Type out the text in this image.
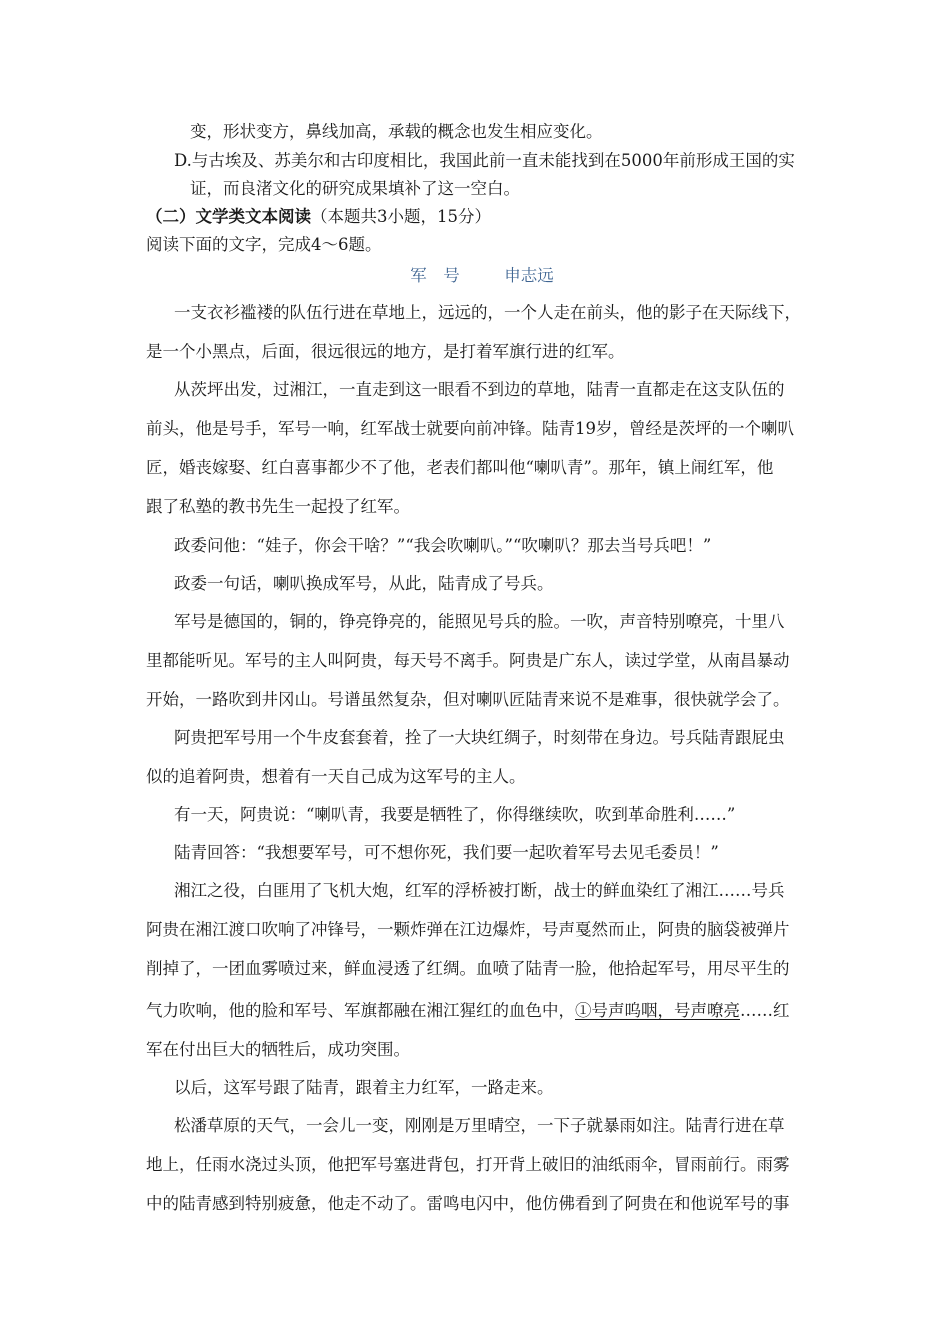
变，形状变方，鼻线加高，承载的概念也发生相应变化。
D.与古埃及、苏美尔和古印度相比，我国此前一直未能找到在5000年前形成王国的实
证，而良渚文化的研究成果填补了这一空白。
（二）文学类文本阅读（本题共3小题，15分）
阅读下面的文字，完成4～6题。
军　号	申志远
一支衣衫褴褛的队伍行进在草地上，远远的，一个人走在前头，他的影子在天际线下，
是一个小黑点，后面，很远很远的地方，是打着军旗行进的红军。
从茨坪出发，过湘江，一直走到这一眼看不到边的草地，陆青一直都走在这支队伍的
前头，他是号手，军号一响，红军战士就要向前冲锋。陆青19岁，曾经是茨坪的一个喇叭
匠，婚丧嫁娶、红白喜事都少不了他，老表们都叫他“喇叭青”。那年，镇上闹红军，他
跟了私塾的教书先生一起投了红军。
政委问他：“娃子，你会干啥？”“我会吹喇叭。”“吹喇叭？那去当号兵吧！”
政委一句话，喇叭换成军号，从此，陆青成了号兵。
军号是德国的，铜的，铮亮铮亮的，能照见号兵的脸。一吹，声音特别嘹亮，十里八
里都能听见。军号的主人叫阿贵，每天号不离手。阿贵是广东人，读过学堂，从南昌暴动
开始，一路吹到井冈山。号谱虽然复杂，但对喇叭匠陆青来说不是难事，很快就学会了。
阿贵把军号用一个牛皮套套着，拴了一大块红绸子，时刻带在身边。号兵陆青跟屁虫
似的追着阿贵，想着有一天自己成为这军号的主人。
有一天，阿贵说：“喇叭青，我要是牺牲了，你得继续吹，吹到革命胜利……”
陆青回答：“我想要军号，可不想你死，我们要一起吹着军号去见毛委员！”
湘江之役，白匪用了飞机大炮，红军的浮桥被打断，战士的鲜血染红了湘江……号兵
阿贵在湘江渡口吹响了冲锋号，一颗炸弹在江边爆炸，号声戛然而止，阿贵的脑袋被弹片
削掉了，一团血雾喷过来，鲜血浸透了红绸。血喷了陆青一脸，他拾起军号，用尽平生的
气力吹响，他的脸和军号、军旗都融在湘江猩红的血色中，①号声呜咽，号声嘹亮……红
军在付出巨大的牺牲后，成功突围。
以后，这军号跟了陆青，跟着主力红军，一路走来。
松潘草原的天气，一会儿一变，刚刚是万里晴空，一下子就暴雨如注。陆青行进在草
地上，任雨水浇过头顶，他把军号塞进背包，打开背上破旧的油纸雨伞，冒雨前行。雨雾
中的陆青感到特别疲惫，他走不动了。雷鸣电闪中，他仿佛看到了阿贵在和他说军号的事
